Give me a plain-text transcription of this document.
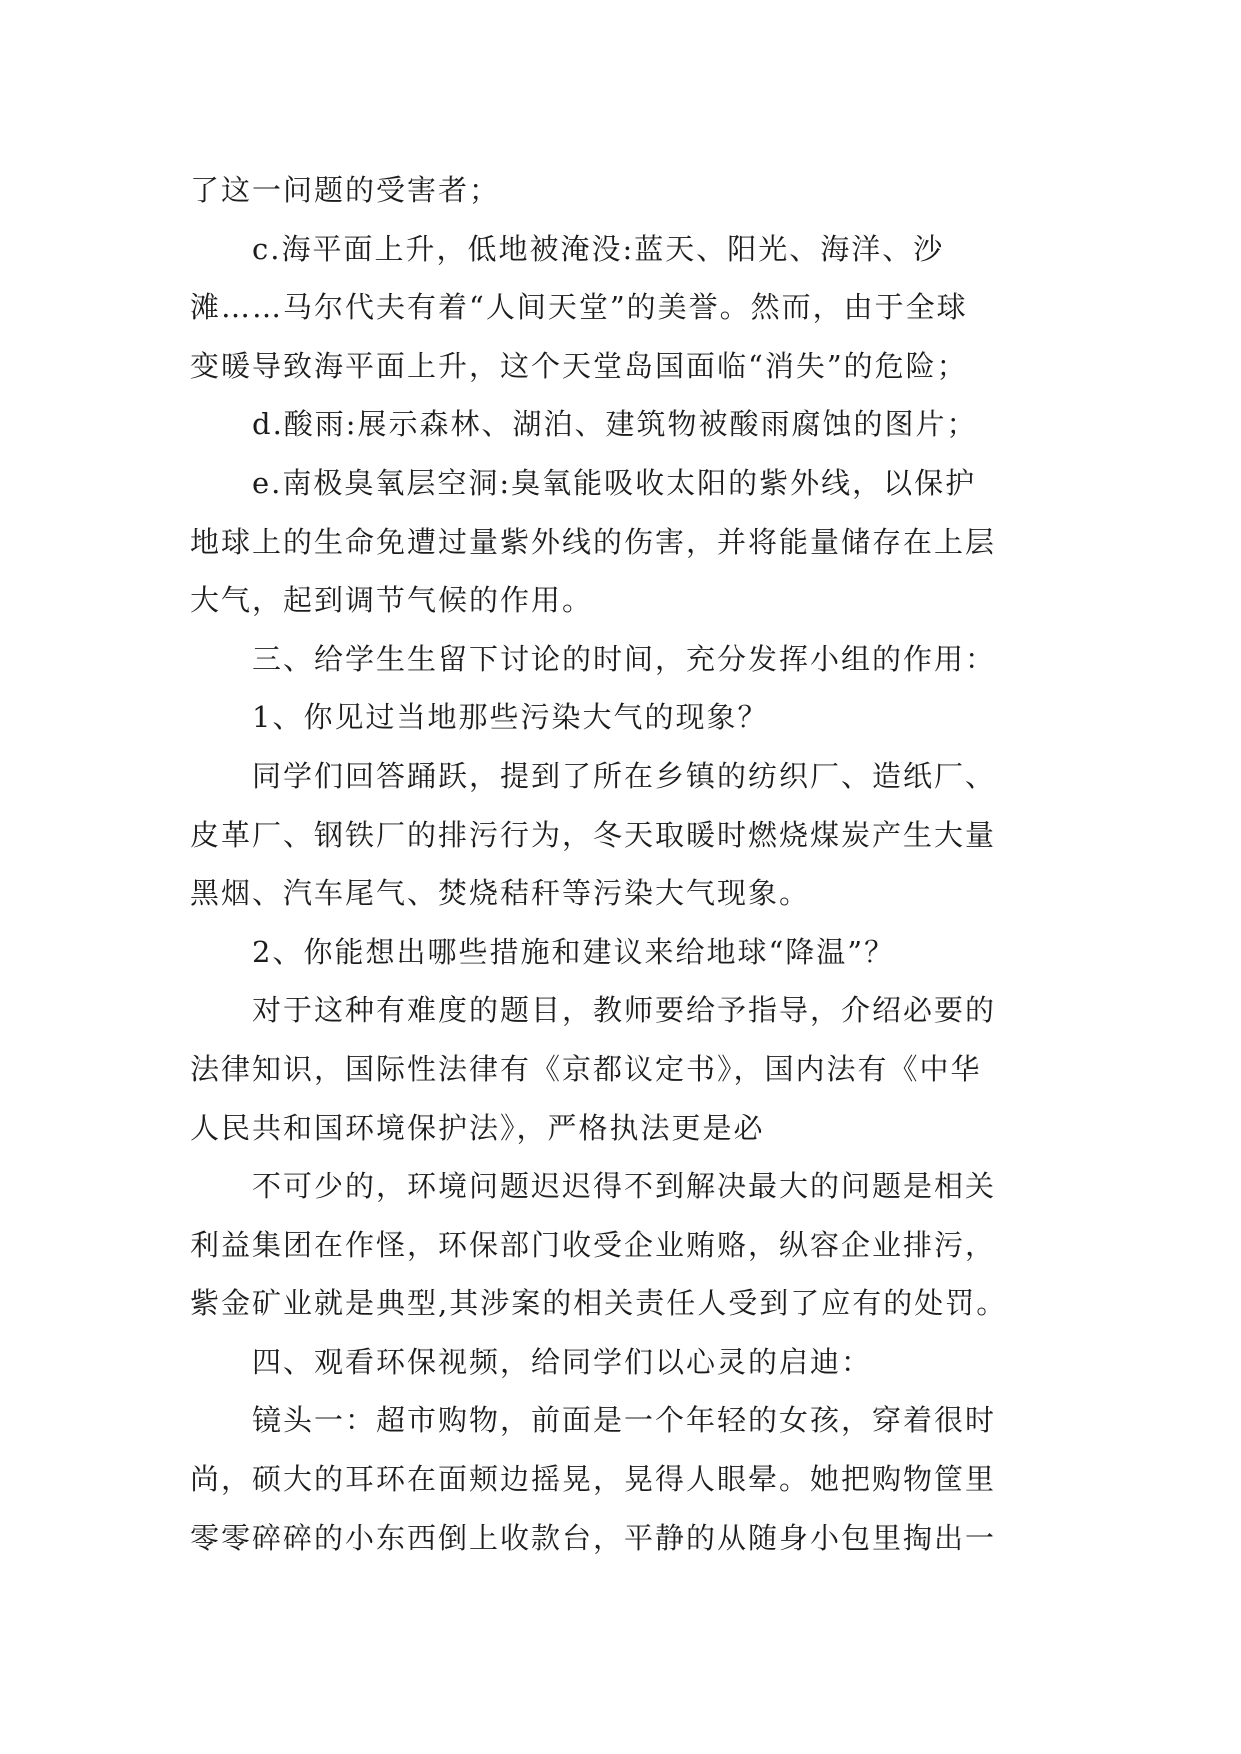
了这一问题的受害者；
c.海平面上升，低地被淹没:蓝天、阳光、海洋、沙
滩……马尔代夫有着“人间天堂”的美誉。然而，由于全球
变暖导致海平面上升，这个天堂岛国面临“消失”的危险；
d.酸雨:展示森林、湖泊、建筑物被酸雨腐蚀的图片；
e.南极臭氧层空洞:臭氧能吸收太阳的紫外线，以保护
地球上的生命免遭过量紫外线的伤害，并将能量储存在上层
大气，起到调节气候的作用。
三、给学生生留下讨论的时间，充分发挥小组的作用：
1、你见过当地那些污染大气的现象？
同学们回答踊跃，提到了所在乡镇的纺织厂、造纸厂、
皮革厂、钢铁厂的排污行为，冬天取暖时燃烧煤炭产生大量
黑烟、汽车尾气、焚烧秸秆等污染大气现象。
2、你能想出哪些措施和建议来给地球“降温”？
对于这种有难度的题目，教师要给予指导，介绍必要的
法律知识，国际性法律有《京都议定书》，国内法有《中华
人民共和国环境保护法》，严格执法更是必
不可少的，环境问题迟迟得不到解决最大的问题是相关
利益集团在作怪，环保部门收受企业贿赂，纵容企业排污，
紫金矿业就是典型,其涉案的相关责任人受到了应有的处罚。
四、观看环保视频，给同学们以心灵的启迪：
镜头一：超市购物，前面是一个年轻的女孩，穿着很时
尚，硕大的耳环在面颊边摇晃，晃得人眼晕。她把购物筐里
零零碎碎的小东西倒上收款台，平静的从随身小包里掏出一
